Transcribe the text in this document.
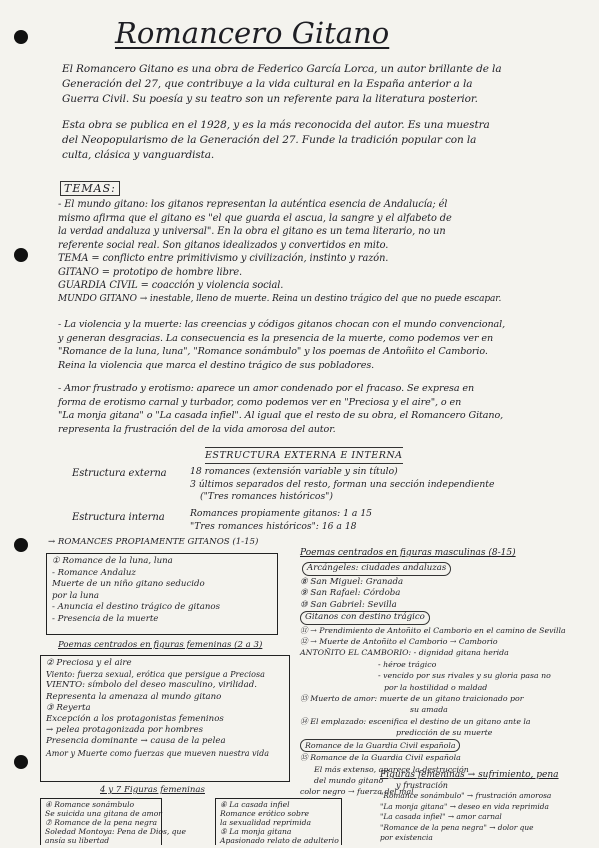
Romancero Gitano
El Romancero Gitano es una obra de Federico García Lorca, un autor brillante de la
Generación del 27, que contribuye a la vida cultural en la España anterior a la
Guerra Civil. Su poesía y su teatro son un referente para la literatura posterior.
Esta obra se publica en el 1928, y es la más reconocida del autor. Es una muestra
del Neopopularismo de la Generación del 27. Funde la tradición popular con la
culta, clásica y vanguardista.
TEMAS:
- El mundo gitano: los gitanos representan la auténtica esencia de Andalucía; él
mismo afirma que el gitano es "el que guarda el ascua, la sangre y el alfabeto de
la verdad andaluza y universal". En la obra el gitano es un tema literario, no un
referente social real. Son gitanos idealizados y convertidos en mito.
TEMA = conflicto entre primitivismo y civilización, instinto y razón.
GITANO = prototipo de hombre libre.
GUARDIA CIVIL = coacción y violencia social.
MUNDO GITANO → inestable, lleno de muerte. Reina un destino trágico del que no puede escapar.
- La violencia y la muerte: las creencias y códigos gitanos chocan con el mundo convencional,
y generan desgracias. La consecuencia es la presencia de la muerte, como podemos ver en
"Romance de la luna, luna", "Romance sonámbulo" y los poemas de Antoñito el Camborio.
Reina la violencia que marca el destino trágico de sus pobladores.
- Amor frustrado y erotismo: aparece un amor condenado por el fracaso. Se expresa en
forma de erotismo carnal y turbador, como podemos ver en "Preciosa y el aire", o en
"La monja gitana" o "La casada infiel". Al igual que el resto de su obra, el Romancero Gitano,
representa la frustración del de la vida amorosa del autor.
ESTRUCTURA EXTERNA E INTERNA
Estructura externa	18 romances (extensión variable y sin título)
3 últimos separados del resto, forman una sección independiente
("Tres romances históricos")
Estructura interna	Romances propiamente gitanos: 1 a 15
"Tres romances históricos": 16 a 18
→ ROMANCES PROPIAMENTE GITANOS (1-15)
① Romance de la luna, luna
- Romance Andaluz
Muerte de un niño gitano seducido
por la luna
- Anuncia el destino trágico de gitanos
- Presencia de la muerte
Poemas centrados en figuras femeninas (2 a 3)
② Preciosa y el aire
Viento: fuerza sexual, erótica que persigue a Preciosa
VIENTO: símbolo del deseo masculino, virilidad.
Representa la amenaza al mundo gitano
③ Reyerta
Excepción a los protagonistas femeninos
→ pelea protagonizada por hombres
Presencia dominante → causa de la pelea
Amor y Muerte como fuerzas que mueven nuestra vida
4 y 7 Figuras femeninas
④ Romance sonámbulo
Se suicida una gitana de amor
⑦ Romance de la pena negra
Soledad Montoya: Pena de Dios, que
ansía su libertad
⑥ La casada infiel
Romance erótico sobre
la sexualidad reprimida
⑤ La monja gitana
Apasionado relato de adulterio
Poemas centrados en figuras masculinas (8-15)
Arcángeles: ciudades andaluzas
⑧ San Miguel: Granada
⑨ San Rafael: Córdoba
⑩ San Gabriel: Sevilla
Gitanos con destino trágico
⑪ → Prendimiento de Antoñito el Camborio en el camino de Sevilla
⑫ → Muerte de Antoñito el Camborio → Camborio
ANTOÑITO EL CAMBORIO: - dignidad gitana herida
- héroe trágico
- vencido por sus rivales y su gloria pasa no
por la hostilidad o maldad
⑬ Muerto de amor: muerte de un gitano traicionado por
su amada
⑭ El emplazado: escenifica el destino de un gitano ante la
predicción de su muerte
Romance de la Guardia Civil española
⑮ Romance de la Guardia Civil española
El más extenso, aparece la destrucción
del mundo gitano
color negro → fuerza del mal
Figuras femeninas → sufrimiento, pena
y frustración
"Romance sonámbulo" → frustración amorosa
"La monja gitana" → deseo en vida reprimida
"La casada infiel" → amor carnal
"Romance de la pena negra" → dolor que
por existencia
